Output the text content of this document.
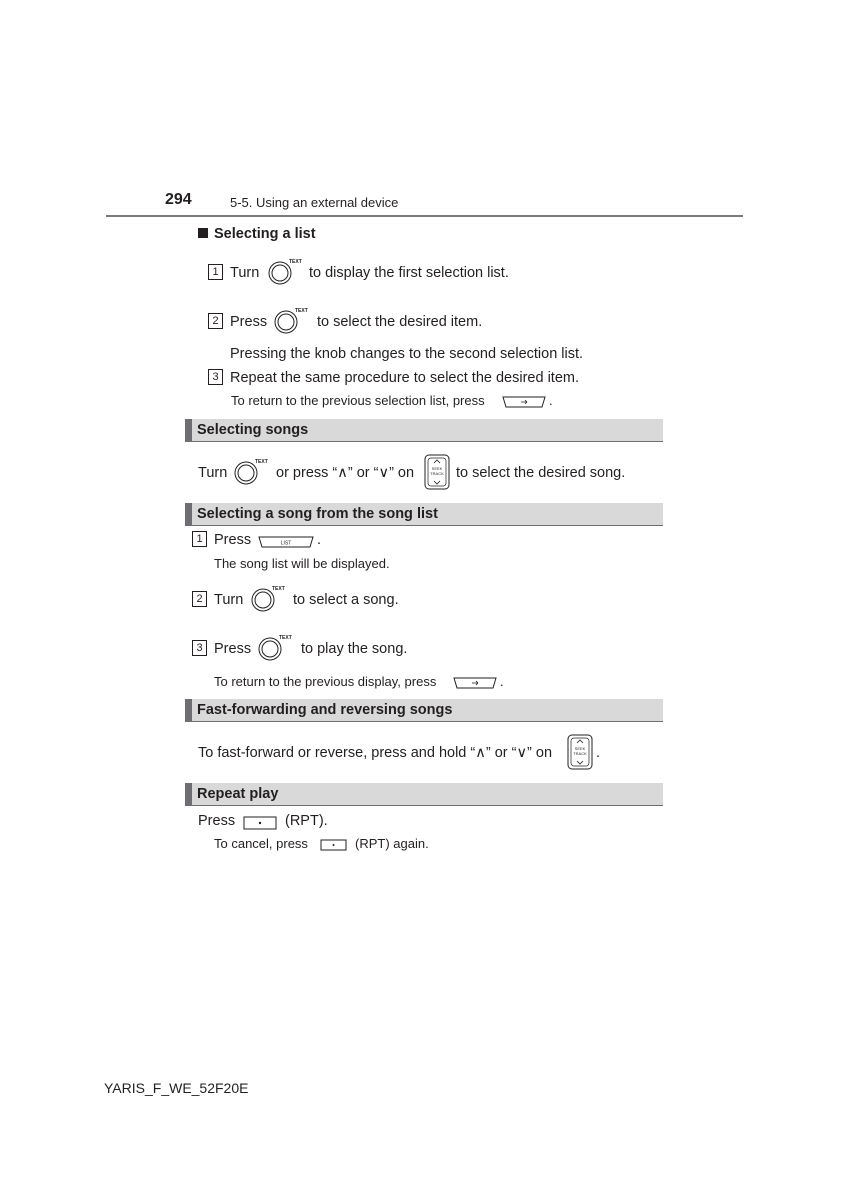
294	5-5. Using an external device
Selecting a list
1 Turn
TEXT
to display the first selection list.
2 Press
TEXT
to select the desired item.
Pressing the knob changes to the second selection list.
3 Repeat the same procedure to select the desired item.
To return to the previous selection list, press	.
Selecting songs
Turn
TEXT
or press “∧” or “∨” on	SEEK
TRACK to select the desired song.
Selecting a song from the song list
1 Press	LIST .
The song list will be displayed.
2 Turn
TEXT
to select a song.
3 Press
TEXT
to play the song.
To return to the previous display, press	.
Fast-forwarding and reversing songs
To fast-forward or reverse, press and hold “∧” or “∨” on	SEEK
TRACK .
Repeat play
Press	(RPT).
To cancel, press	(RPT) again.
YARIS_F_WE_52F20E
